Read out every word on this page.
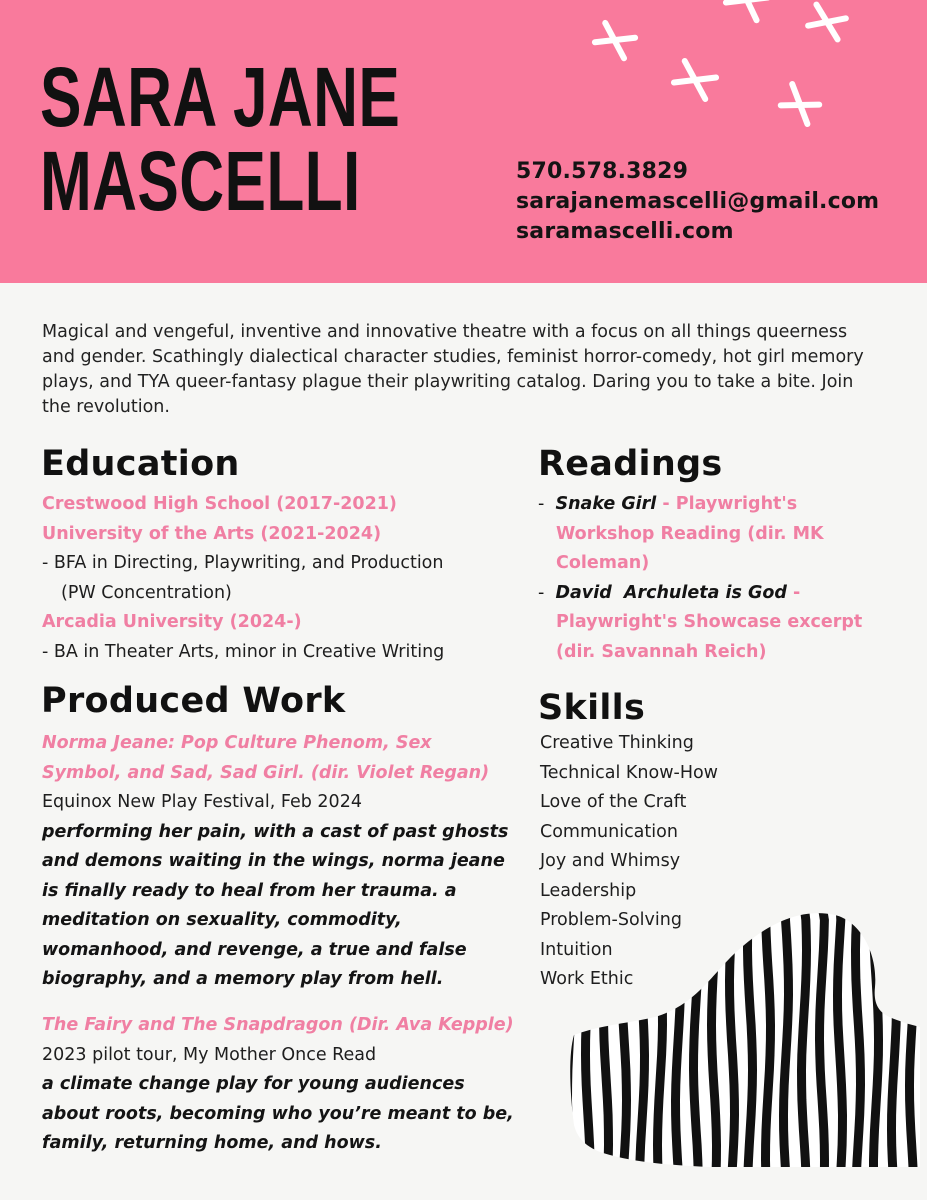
SARA JANE
MASCELLI	570.578.3829
sarajanemascelli@gmail.com
saramascelli.com

Magical and vengeful, inventive and innovative theatre with a focus on all things queerness and gender. Scathingly dialectical character studies, feminist horror-comedy, hot girl memory plays, and TYA queer-fantasy plague their playwriting catalog. Daring you to take a bite. Join the revolution.

Education
Crestwood High School (2017-2021)
University of the Arts (2021-2024)
- BFA in Directing, Playwriting, and Production
(PW Concentration)
Arcadia University (2024-)
- BA in Theater Arts, minor in Creative Writing
Produced Work
Norma Jeane: Pop Culture Phenom, Sex
Symbol, and Sad, Sad Girl. (dir. Violet Regan)
Equinox New Play Festival, Feb 2024
performing her pain, with a cast of past ghosts
and demons waiting in the wings, norma jeane
is finally ready to heal from her trauma. a
meditation on sexuality, commodity,
womanhood, and revenge, a true and false
biography, and a memory play from hell.
The Fairy and The Snapdragon (Dir. Ava Kepple)
2023 pilot tour, My Mother Once Read
a climate change play for young audiences
about roots, becoming who you’re meant to be,
family, returning home, and hows.
Readings
- Snake Girl - Playwright's
Workshop Reading (dir. MK
Coleman)
- David  Archuleta is God -
Playwright's Showcase excerpt
(dir. Savannah Reich)
Skills
Creative Thinking
Technical Know-How
Love of the Craft
Communication
Joy and Whimsy
Leadership
Problem-Solving
Intuition
Work Ethic
